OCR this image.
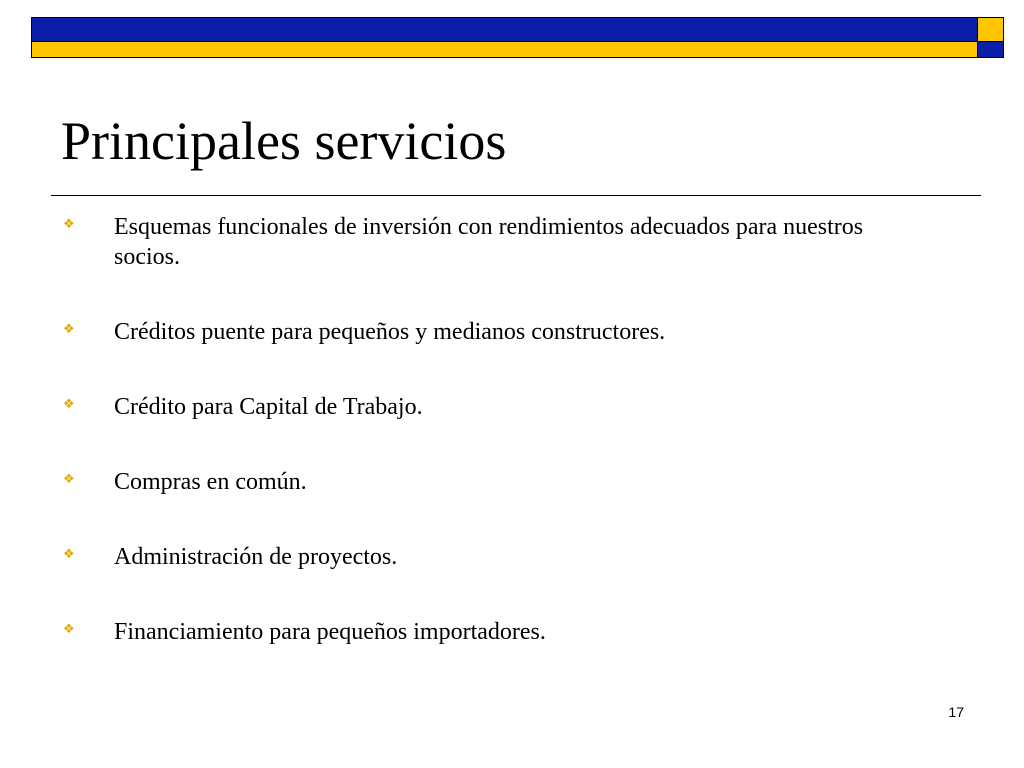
Principales servicios
❖ Esquemas funcionales de inversión con rendimientos adecuados para nuestros socios.
❖ Créditos puente para pequeños y medianos constructores.
❖ Crédito para Capital de Trabajo.
❖ Compras en común.
❖ Administración de proyectos.
❖ Financiamiento para pequeños importadores.
17
